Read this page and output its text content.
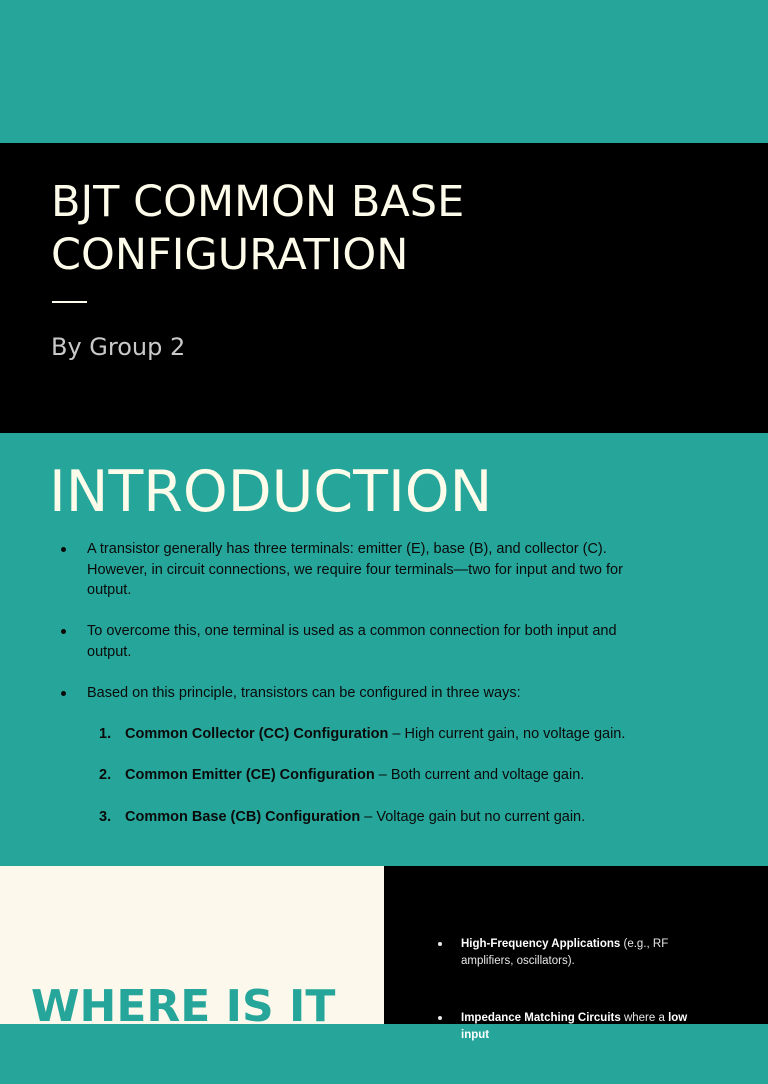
BJT COMMON BASE CONFIGURATION
By Group 2
INTRODUCTION
A transistor generally has three terminals: emitter (E), base (B), and collector (C). However, in circuit connections, we require four terminals—two for input and two for output.
To overcome this, one terminal is used as a common connection for both input and output.
Based on this principle, transistors can be configured in three ways:
1. Common Collector (CC) Configuration – High current gain, no voltage gain.
2. Common Emitter (CE) Configuration – Both current and voltage gain.
3. Common Base (CB) Configuration – Voltage gain but no current gain.
WHERE IS IT
High-Frequency Applications (e.g., RF amplifiers, oscillators).
Impedance Matching Circuits where a low input
